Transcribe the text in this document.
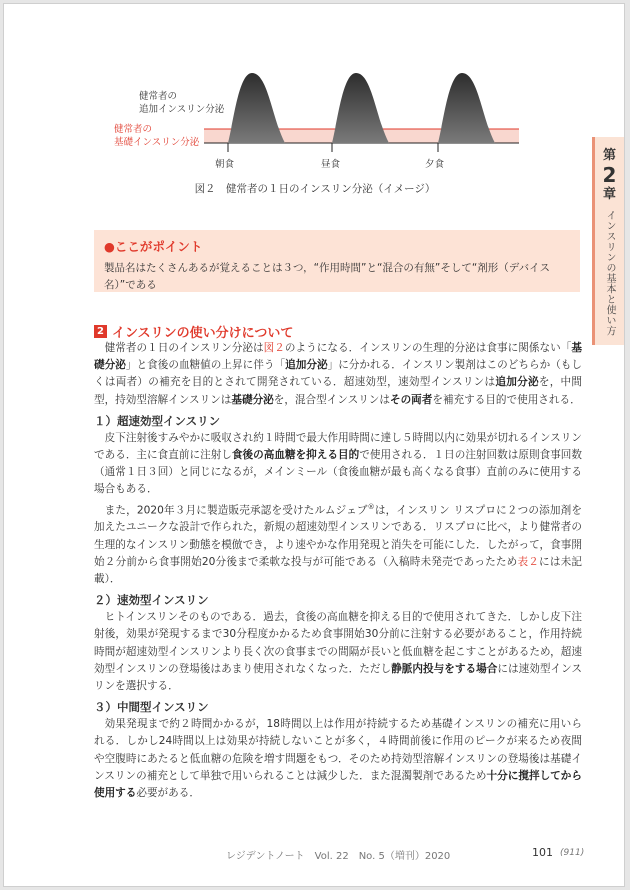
健常者の
追加インスリン分泌
健常者の
基礎インスリン分泌
朝食	昼食	夕食
図２　健常者の１日のインスリン分泌（イメージ）

●ここがポイント

製品名はたくさんあるが覚えることは３つ，“作用時間”と“混合の有無”そして“剤形（デバイス名）”である

第
2
章
インスリンの基本と使い方
2 インスリンの使い分けについて

健常者の１日のインスリン分泌は図２のようになる．インスリンの生理的分泌は食事に関係ない「基礎分泌」と食後の血糖値の上昇に伴う「追加分泌」に分かれる．インスリン製剤はこのどちらか（もしくは両者）の補充を目的とされて開発されている．超速効型，速効型インスリンは追加分泌を，中間型，持効型溶解インスリンは基礎分泌を，混合型インスリンはその両者を補充する目的で使用される．

１）超速効型インスリン

皮下注射後すみやかに吸収され約１時間で最大作用時間に達し５時間以内に効果が切れるインスリンである．主に食直前に注射し食後の高血糖を抑える目的で使用される．１日の注射回数は原則食事回数（通常１日３回）と同じになるが，メインミール（食後血糖が最も高くなる食事）直前のみに使用する場合もある．

また，2020年３月に製造販売承認を受けたルムジェブ®は，インスリン リスプロに２つの添加剤を加えたユニークな設計で作られた，新規の超速効型インスリンである．リスプロに比べ，より健常者の生理的なインスリン動態を模倣でき，より速やかな作用発現と消失を可能にした．したがって，食事開始２分前から食事開始20分後まで柔軟な投与が可能である（入稿時未発売であったため表２には未記載）．

２）速効型インスリン

ヒトインスリンそのものである．過去，食後の高血糖を抑える目的で使用されてきた．しかし皮下注射後，効果が発現するまで30分程度かかるため食事開始30分前に注射する必要があること，作用持続時間が超速効型インスリンより長く次の食事までの間隔が長いと低血糖を起こすことがあるため，超速効型インスリンの登場後はあまり使用されなくなった．ただし静脈内投与をする場合には速効型インスリンを選択する．

３）中間型インスリン

効果発現まで約２時間かかるが，18時間以上は作用が持続するため基礎インスリンの補充に用いられる．しかし24時間以上は効果が持続しないことが多く，４時間前後に作用のピークが来るため夜間や空腹時にあたると低血糖の危険を増す問題をもつ．そのため持効型溶解インスリンの登場後は基礎インスリンの補充として単独で用いられることは減少した．また混濁製剤であるため十分に撹拌してから使用する必要がある．

レジデントノート　Vol. 22　No. 5（増刊）2020	101 (911)
